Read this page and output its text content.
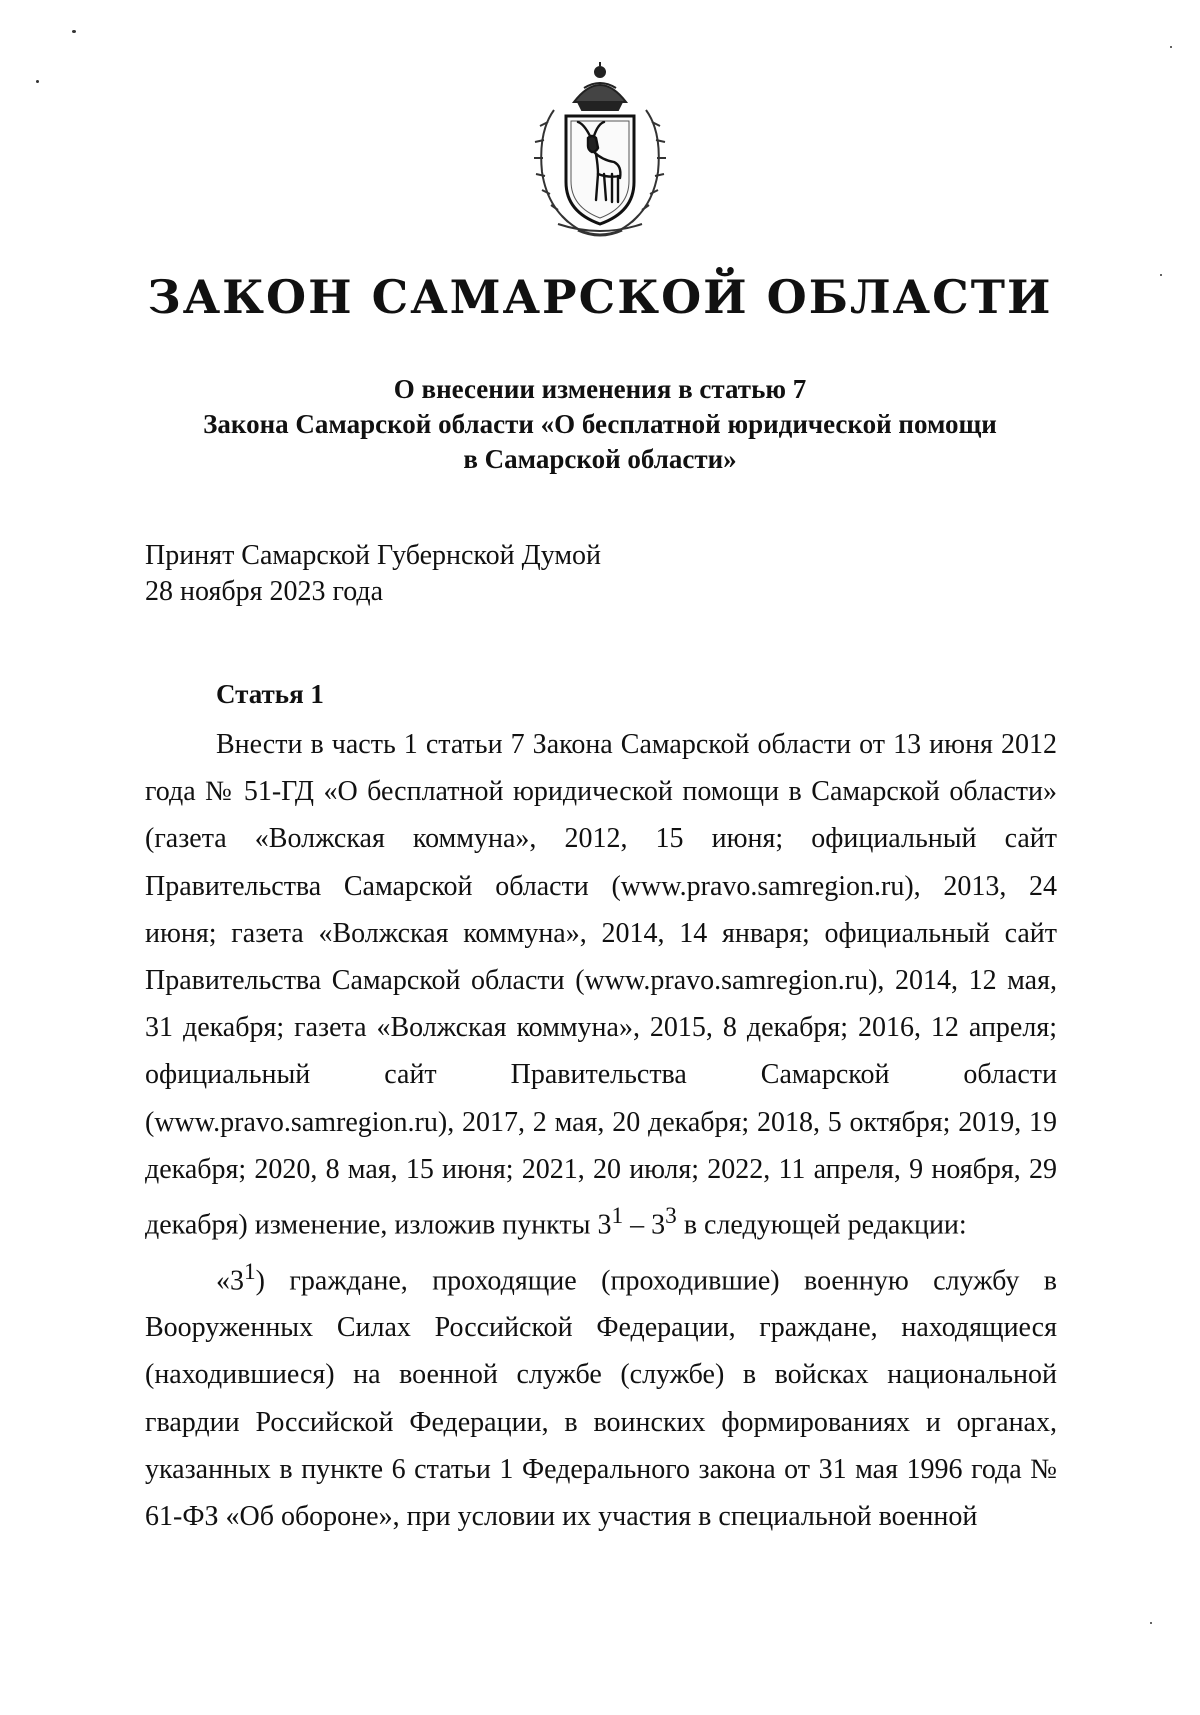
ЗАКОН САМАРСКОЙ ОБЛАСТИ
О внесении изменения в статью 7
Закона Самарской области «О бесплатной юридической помощи
в Самарской области»
Принят Самарской Губернской Думой
28 ноября 2023 года
Статья 1

Внести в часть 1 статьи 7 Закона Самарской области от 13 июня 2012 года № 51-ГД «О бесплатной юридической помощи в Самарской области» (газета «Волжская коммуна», 2012, 15 июня; официальный сайт Правительства Самарской области (www.pravo.samregion.ru), 2013, 24 июня; газета «Волжская коммуна», 2014, 14 января; официальный сайт Правительства Самарской области (www.pravo.samregion.ru), 2014, 12 мая, 31 декабря; газета «Волжская коммуна», 2015, 8 декабря; 2016, 12 апреля; официальный сайт Правительства Самарской области (www.pravo.samregion.ru), 2017, 2 мая, 20 декабря; 2018, 5 октября; 2019, 19 декабря; 2020, 8 мая, 15 июня; 2021, 20 июля; 2022, 11 апреля, 9 ноября, 29 декабря) изменение, изложив пункты $3^1 - 3^3$ в следующей редакции:

«$3^1$) граждане, проходящие (проходившие) военную службу в Вооруженных Силах Российской Федерации, граждане, находящиеся (находившиеся) на военной службе (службе) в войсках национальной гвардии Российской Федерации, в воинских формированиях и органах, указанных в пункте 6 статьи 1 Федерального закона от 31 мая 1996 года № 61-ФЗ «Об обороне», при условии их участия в специальной военной
